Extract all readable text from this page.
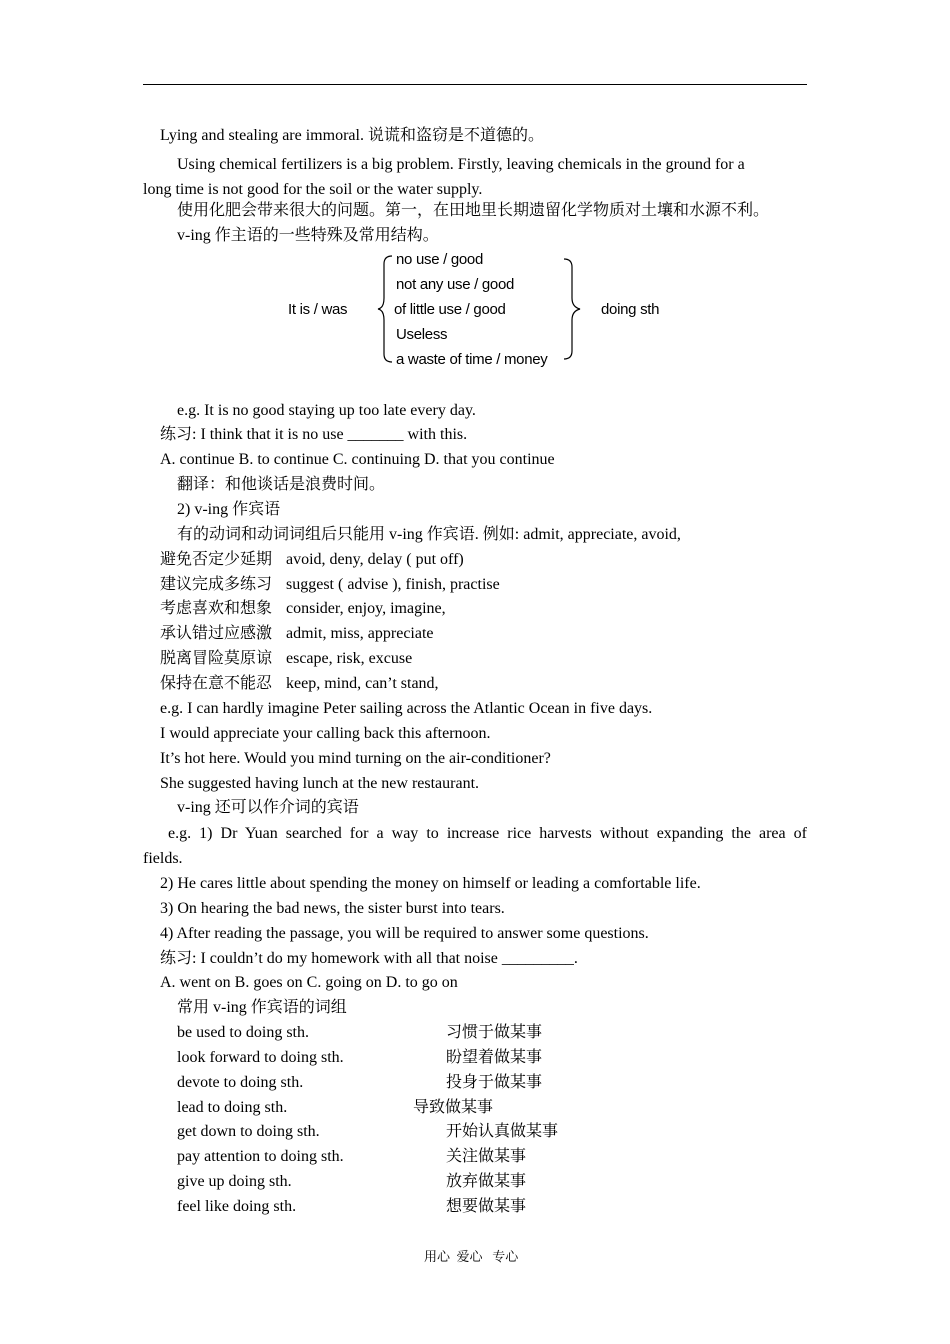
Lying and stealing are immoral. 说谎和盗窃是不道德的。
Using chemical fertilizers is a big problem. Firstly, leaving chemicals in the ground for a
long time is not good for the soil or the water supply.
使用化肥会带来很大的问题。第一，在田地里长期遗留化学物质对土壤和水源不利。
v-ing 作主语的一些特殊及常用结构。
It is / was
no use / good
not any use / good
of little use / good
Useless
a waste of time / money
doing sth
e.g. It is no good staying up too late every day.
练习: I think that it is no use _______ with this.
A. continue B. to continue C. continuing D. that you continue
翻译：和他谈话是浪费时间。
2) v-ing 作宾语
有的动词和动词词组后只能用 v-ing 作宾语. 例如: admit, appreciate, avoid,
避免否定少延期 avoid, deny, delay ( put off)
建议完成多练习 suggest ( advise ), finish, practise
考虑喜欢和想象 consider, enjoy, imagine,
承认错过应感激 admit, miss, appreciate
脱离冒险莫原谅 escape, risk, excuse
保持在意不能忍 keep, mind, can’t stand,
e.g. I can hardly imagine Peter sailing across the Atlantic Ocean in five days.
I would appreciate your calling back this afternoon.
It’s hot here. Would you mind turning on the air-conditioner?
She suggested having lunch at the new restaurant.
v-ing 还可以作介词的宾语
e.g. 1) Dr Yuan searched for a way to increase rice harvests without expanding the area of
fields.
2) He cares little about spending the money on himself or leading a comfortable life.
3) On hearing the bad news, the sister burst into tears.
4) After reading the passage, you will be required to answer some questions.
练习: I couldn’t do my homework with all that noise _________.
A. went on B. goes on C. going on D. to go on
常用 v-ing 作宾语的词组
be used to doing sth.	习惯于做某事
look forward to doing sth.	盼望着做某事
devote to doing sth.	投身于做某事
lead to doing sth.	导致做某事
get down to doing sth.	开始认真做某事
pay attention to doing sth.	关注做某事
give up doing sth.	放弃做某事
feel like doing sth.	想要做某事
用心  爱心   专心
